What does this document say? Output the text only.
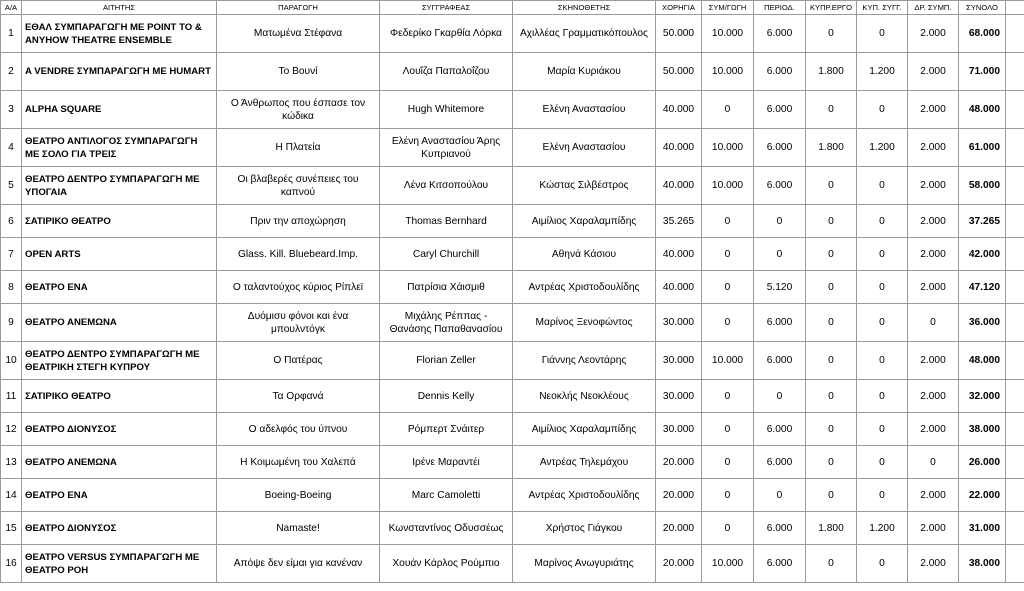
Α/Α	ΑΙΤΗΤΗΣ	ΠΑΡΑΓΩΓΗ	ΣΥΓΓΡΑΦΕΑΣ	ΣΚΗΝΟΘΕΤΗΣ	ΧΟΡΗΓΙΑ	ΣΥΜ/ΓΩΓΗ	ΠΕΡΙΟΔ.	ΚΥΠΡ.ΕΡΓΟ	ΚΥΠ. ΣΥΓΓ.	ΔΡ. ΣΥΜΠ.	ΣΥΝΟΛΟ	
1	ΕΘΑΛ ΣΥΜΠΑΡΑΓΩΓΗ ΜΕ POINT TO & ANYHOW THEATRE ENSEMBLE	Ματωμένα Στέφανα	Φεδερίκο Γκαρθία Λόρκα	Αχιλλέας Γραμματικόπουλος	50.000	10.000	6.000	0	0	2.000	68.000	
2	A VENDRE ΣΥΜΠΑΡΑΓΩΓΗ ΜΕ HUMART	Το Βουνί	Λουΐζα Παπαλοΐζου	Μαρία Κυριάκου	50.000	10.000	6.000	1.800	1.200	2.000	71.000	
3	ALPHA SQUARE	Ο Άνθρωπος που έσπασε τον κώδικα	Hugh Whitemore	Ελένη Αναστασίου	40.000	0	6.000	0	0	2.000	48.000	
4	ΘΕΑΤΡΟ ΑΝΤΙΛΟΓΟΣ ΣΥΜΠΑΡΑΓΩΓΗ ΜΕ ΣΟΛΟ ΓΙΑ ΤΡΕΙΣ	Η Πλατεία	Ελένη Αναστασίου Άρης Κυπριανού	Ελένη Αναστασίου	40.000	10.000	6.000	1.800	1.200	2.000	61.000	
5	ΘΕΑΤΡΟ ΔΕΝΤΡΟ ΣΥΜΠΑΡΑΓΩΓΗ ΜΕ ΥΠΟΓΑΙΑ	Οι βλαβερές συνέπειες του καπνού	Λένα Κιτσοπούλου	Κώστας Σιλβέστρος	40.000	10.000	6.000	0	0	2.000	58.000	
6	ΣΑΤΙΡΙΚΟ ΘΕΑΤΡΟ	Πριν την αποχώρηση	Thomas Bernhard	Αιμίλιος Χαραλαμπίδης	35.265	0	0	0	0	2.000	37.265	
7	OPEN ARTS	Glass. Kill. Bluebeard.Imp.	Caryl Churchill	Αθηνά Κάσιου	40.000	0	0	0	0	2.000	42.000	
8	ΘΕΑΤΡΟ ΕΝΑ	Ο ταλαντούχος κύριος Ρίπλεϊ	Πατρίσια Χάισμιθ	Αντρέας Χριστοδουλίδης	40.000	0	5.120	0	0	2.000	47.120	
9	ΘΕΑΤΡΟ ΑΝΕΜΩΝΑ	Δυόμισυ φόνοι και ένα μπουλντόγκ	Μιχάλης Ρέππας - Θανάσης Παπαθανασίου	Μαρίνος Ξενοφώντος	30.000	0	6.000	0	0	0	36.000	
10	ΘΕΑΤΡΟ ΔΕΝΤΡΟ ΣΥΜΠΑΡΑΓΩΓΗ ΜΕ ΘΕΑΤΡΙΚΗ ΣΤΕΓΗ ΚΥΠΡΟΥ	Ο Πατέρας	Florian Zeller	Γιάννης Λεοντάρης	30.000	10.000	6.000	0	0	2.000	48.000	
11	ΣΑΤΙΡΙΚΟ ΘΕΑΤΡΟ	Τα Ορφανά	Dennis Kelly	Νεοκλής Νεοκλέους	30.000	0	0	0	0	2.000	32.000	
12	ΘΕΑΤΡΟ ΔΙΟΝΥΣΟΣ	Ο αδελφός του ύπνου	Ρόμπερτ Σνάιτερ	Αιμίλιος Χαραλαμπίδης	30.000	0	6.000	0	0	2.000	38.000	
13	ΘΕΑΤΡΟ ΑΝΕΜΩΝΑ	Η Κοιμωμένη του Χαλεπά	Ιρένε Μαραντέι	Αντρέας Τηλεμάχου	20.000	0	6.000	0	0	0	26.000	
14	ΘΕΑΤΡΟ ΕΝΑ	Boeing-Boeing	Marc Camoletti	Αντρέας Χριστοδουλίδης	20.000	0	0	0	0	2.000	22.000	
15	ΘΕΑΤΡΟ ΔΙΟΝΥΣΟΣ	Namaste!	Κωνσταντίνος Οδυσσέως	Χρήστος Γιάγκου	20.000	0	6.000	1.800	1.200	2.000	31.000	
16	ΘΕΑΤΡΟ VERSUS ΣΥΜΠΑΡΑΓΩΓΗ ΜΕ ΘΕΑΤΡΟ ΡΟΗ	Απόψε δεν είμαι για κανέναν	Χουάν Κάρλος Ρούμπιο	Μαρίνος Ανωγυριάτης	20.000	10.000	6.000	0	0	2.000	38.000	
